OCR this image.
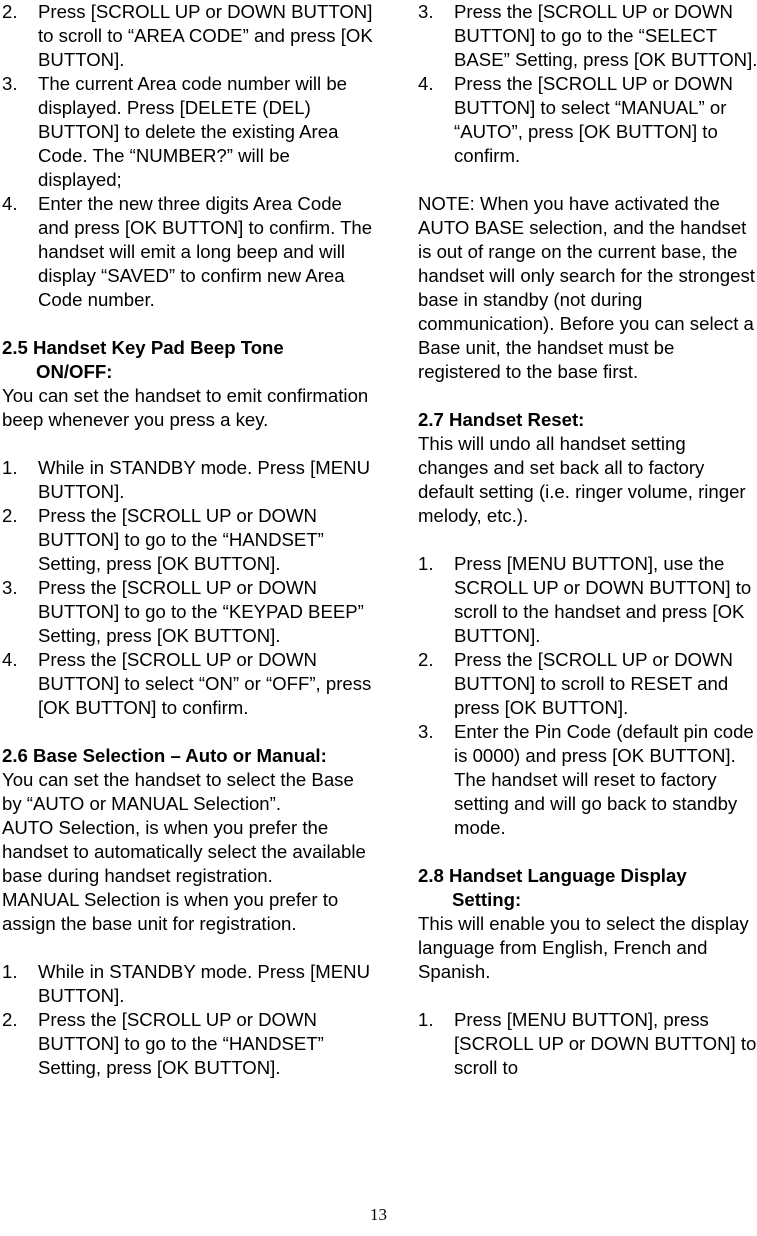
2. Press [SCROLL UP or DOWN BUTTON] to scroll to “AREA CODE” and press [OK BUTTON].
3. The current Area code number will be displayed. Press [DELETE (DEL) BUTTON] to delete the existing Area Code. The “NUMBER?” will be displayed;
4. Enter the new three digits Area Code and press [OK BUTTON] to confirm. The handset will emit a long beep and will display “SAVED” to confirm new Area Code number.

2.5 Handset Key Pad Beep Tone
ON/OFF:

You can set the handset to emit confirmation beep whenever you press a key.

1. While in STANDBY mode. Press [MENU BUTTON].
2. Press the [SCROLL UP or DOWN BUTTON] to go to the “HANDSET” Setting, press [OK BUTTON].
3. Press the [SCROLL UP or DOWN BUTTON] to go to the “KEYPAD BEEP” Setting, press [OK BUTTON].
4. Press the [SCROLL UP or DOWN BUTTON] to select “ON” or “OFF”, press [OK BUTTON] to confirm.

2.6 Base Selection – Auto or Manual:

You can set the handset to select the Base by “AUTO or MANUAL Selection”.

AUTO Selection, is when you prefer the handset to automatically select the available base during handset registration.

MANUAL Selection is when you prefer to assign the base unit for registration.

1. While in STANDBY mode. Press [MENU BUTTON].
2. Press the [SCROLL UP or DOWN BUTTON] to go to the “HANDSET” Setting, press [OK BUTTON].
3. Press the [SCROLL UP or DOWN BUTTON] to go to the “SELECT BASE” Setting, press [OK BUTTON].
4. Press the [SCROLL UP or DOWN BUTTON] to select “MANUAL” or “AUTO”, press [OK BUTTON] to confirm.

NOTE: When you have activated the AUTO BASE selection, and the handset is out of range on the current base, the handset will only search for the strongest base in standby (not during communication). Before you can select a Base unit, the handset must be registered to the base first.

2.7 Handset Reset:

This will undo all handset setting changes and set back all to factory default setting (i.e. ringer volume, ringer melody, etc.).

1. Press [MENU BUTTON], use the SCROLL UP or DOWN BUTTON] to scroll to the handset and press [OK BUTTON].
2. Press the [SCROLL UP or DOWN BUTTON] to scroll to RESET and press [OK BUTTON].
3. Enter the Pin Code (default pin code is 0000) and press [OK BUTTON]. The handset will reset to factory setting and will go back to standby mode.

2.8 Handset Language Display
Setting:

This will enable you to select the display language from English, French and Spanish.

1. Press [MENU BUTTON], press [SCROLL UP or DOWN BUTTON] to scroll to
13
